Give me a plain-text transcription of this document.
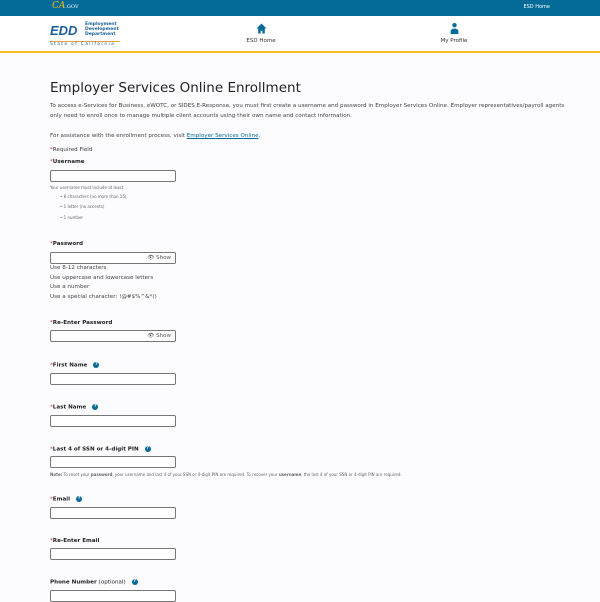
CA.GOV	ESD Home
EDD Employment
Development
Department
State of California
ESD Home	My Profile
Employer Services Online Enrollment
To access e-Services for Business, eWOTC, or SIDES E-Response, you must first create a username and password in Employer Services Online. Employer representatives/payroll agents only need to enroll once to manage multiple client accounts using their own name and contact information.
For assistance with the enrollment process, visit Employer Services Online.
*Required Field
*Username
Your username must include at least:
• 8 characters (no more than 15)
• 1 letter (no accents)
• 1 number
*Password
👁 Show
Use 8-12 characters
Use uppercase and lowercase letters
Use a number
Use a special character: !@#$%^&*()
*Re-Enter Password
👁 Show
*First Name ?
*Last Name ?
*Last 4 of SSN or 4-digit PIN ?
Note: To reset your password, your username and last 4 of your SSN or 4-digit PIN are required. To recover your username, the last 4 of your SSN or 4-digit PIN are required.
*Email ?
*Re-Enter Email
Phone Number (optional) ?
